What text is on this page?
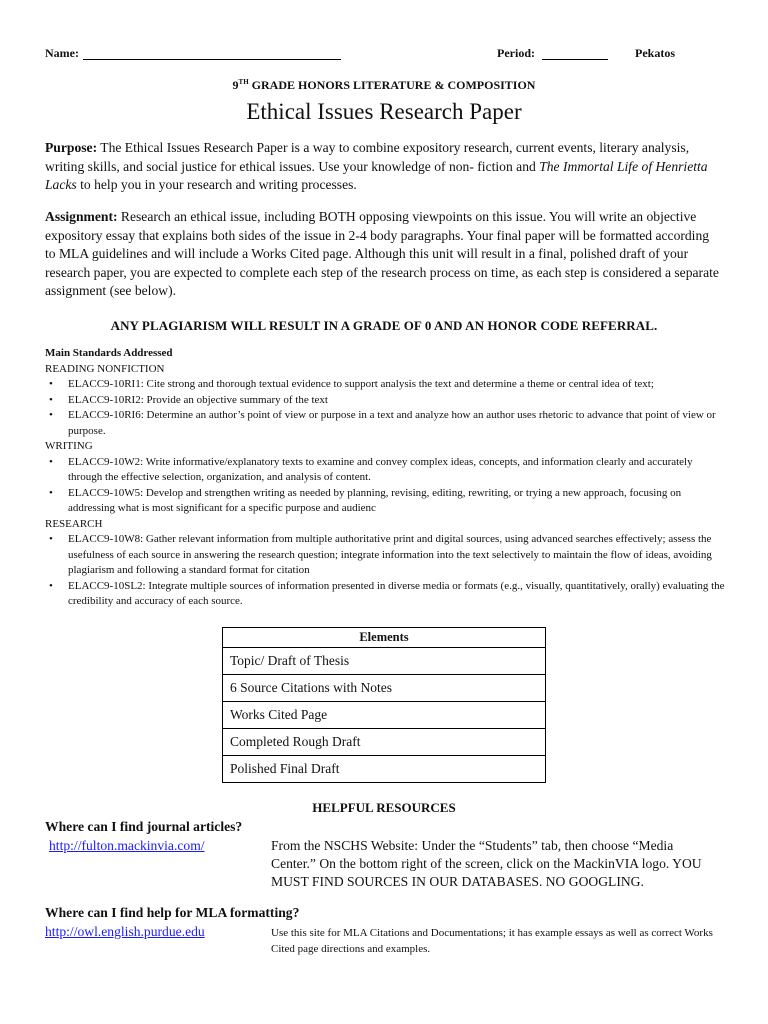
Name:	Period:	Pekatos
9TH GRADE HONORS LITERATURE & COMPOSITION
Ethical Issues Research Paper
Purpose: The Ethical Issues Research Paper is a way to combine expository research, current events, literary analysis, writing skills, and social justice for ethical issues. Use your knowledge of non- fiction and The Immortal Life of Henrietta Lacks to help you in your research and writing processes.
Assignment: Research an ethical issue, including BOTH opposing viewpoints on this issue. You will write an objective expository essay that explains both sides of the issue in 2-4 body paragraphs. Your final paper will be formatted according to MLA guidelines and will include a Works Cited page. Although this unit will result in a final, polished draft of your research paper, you are expected to complete each step of the research process on time, as each step is considered a separate assignment (see below).
ANY PLAGIARISM WILL RESULT IN A GRADE OF 0 AND AN HONOR CODE REFERRAL.
Main Standards Addressed
READING NONFICTION
• ELACC9-10RI1: Cite strong and thorough textual evidence to support analysis the text and determine a theme or central idea of text;
• ELACC9-10RI2: Provide an objective summary of the text
• ELACC9-10RI6: Determine an author’s point of view or purpose in a text and analyze how an author uses rhetoric to advance that point of view or purpose.
WRITING
• ELACC9-10W2: Write informative/explanatory texts to examine and convey complex ideas, concepts, and information clearly and accurately through the effective selection, organization, and analysis of content.
• ELACC9-10W5: Develop and strengthen writing as needed by planning, revising, editing, rewriting, or trying a new approach, focusing on addressing what is most significant for a specific purpose and audienc
RESEARCH
• ELACC9-10W8: Gather relevant information from multiple authoritative print and digital sources, using advanced searches effectively; assess the usefulness of each source in answering the research question; integrate information into the text selectively to maintain the flow of ideas, avoiding plagiarism and following a standard format for citation
• ELACC9-10SL2: Integrate multiple sources of information presented in diverse media or formats (e.g., visually, quantitatively, orally) evaluating the credibility and accuracy of each source.
Elements
Topic/ Draft of Thesis
6 Source Citations with Notes
Works Cited Page
Completed Rough Draft
Polished Final Draft
HELPFUL RESOURCES
Where can I find journal articles?
http://fulton.mackinvia.com/	From the NSCHS Website: Under the “Students” tab, then choose “Media Center.” On the bottom right of the screen, click on the MackinVIA logo. YOU MUST FIND SOURCES IN OUR DATABASES. NO GOOGLING.
Where can I find help for MLA formatting?
http://owl.english.purdue.edu	Use this site for MLA Citations and Documentations; it has example essays as well as correct Works Cited page directions and examples.
